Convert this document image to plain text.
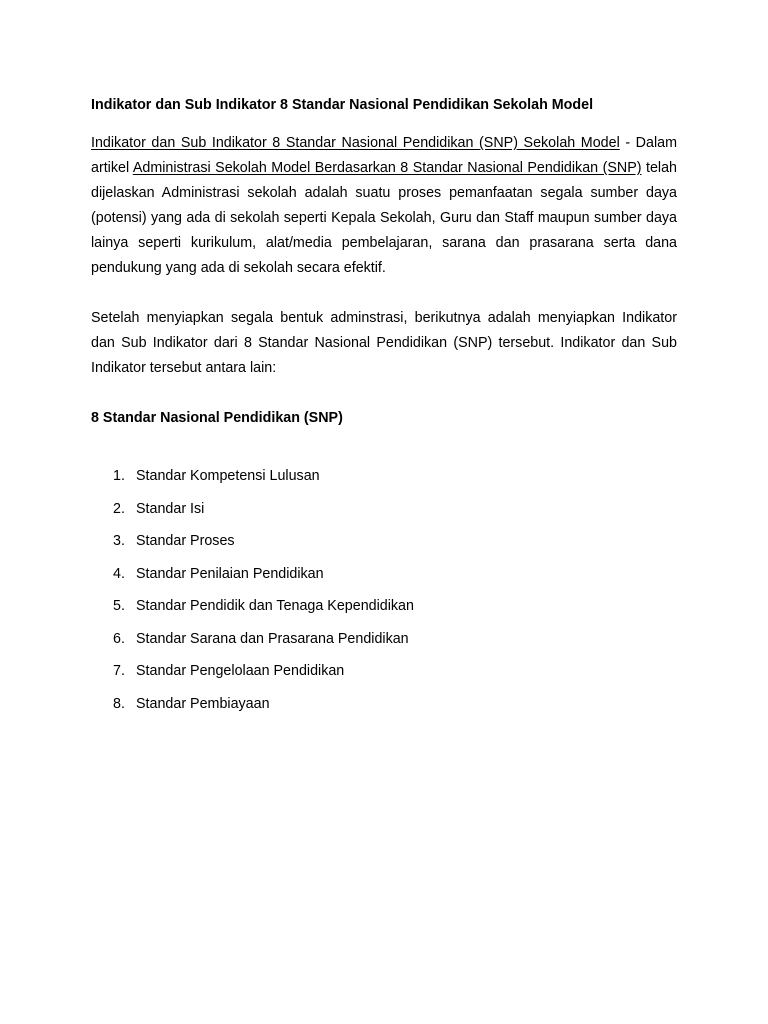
Indikator dan Sub Indikator 8 Standar Nasional Pendidikan Sekolah Model

Indikator dan Sub Indikator 8 Standar Nasional Pendidikan (SNP) Sekolah Model - Dalam artikel Administrasi Sekolah Model Berdasarkan 8 Standar Nasional Pendidikan (SNP) telah dijelaskan Administrasi sekolah adalah suatu proses pemanfaatan segala sumber daya (potensi) yang ada di sekolah seperti Kepala Sekolah, Guru dan Staff maupun sumber daya lainya seperti kurikulum, alat/media pembelajaran, sarana dan prasarana serta dana pendukung yang ada di sekolah secara efektif.

Setelah menyiapkan segala bentuk adminstrasi, berikutnya adalah menyiapkan Indikator dan Sub Indikator dari 8 Standar Nasional Pendidikan (SNP) tersebut. Indikator dan Sub Indikator tersebut antara lain:

8 Standar Nasional Pendidikan (SNP)
1. Standar Kompetensi Lulusan
2. Standar Isi
3. Standar Proses
4. Standar Penilaian Pendidikan
5. Standar Pendidik dan Tenaga Kependidikan
6. Standar Sarana dan Prasarana Pendidikan
7. Standar Pengelolaan Pendidikan
8. Standar Pembiayaan
